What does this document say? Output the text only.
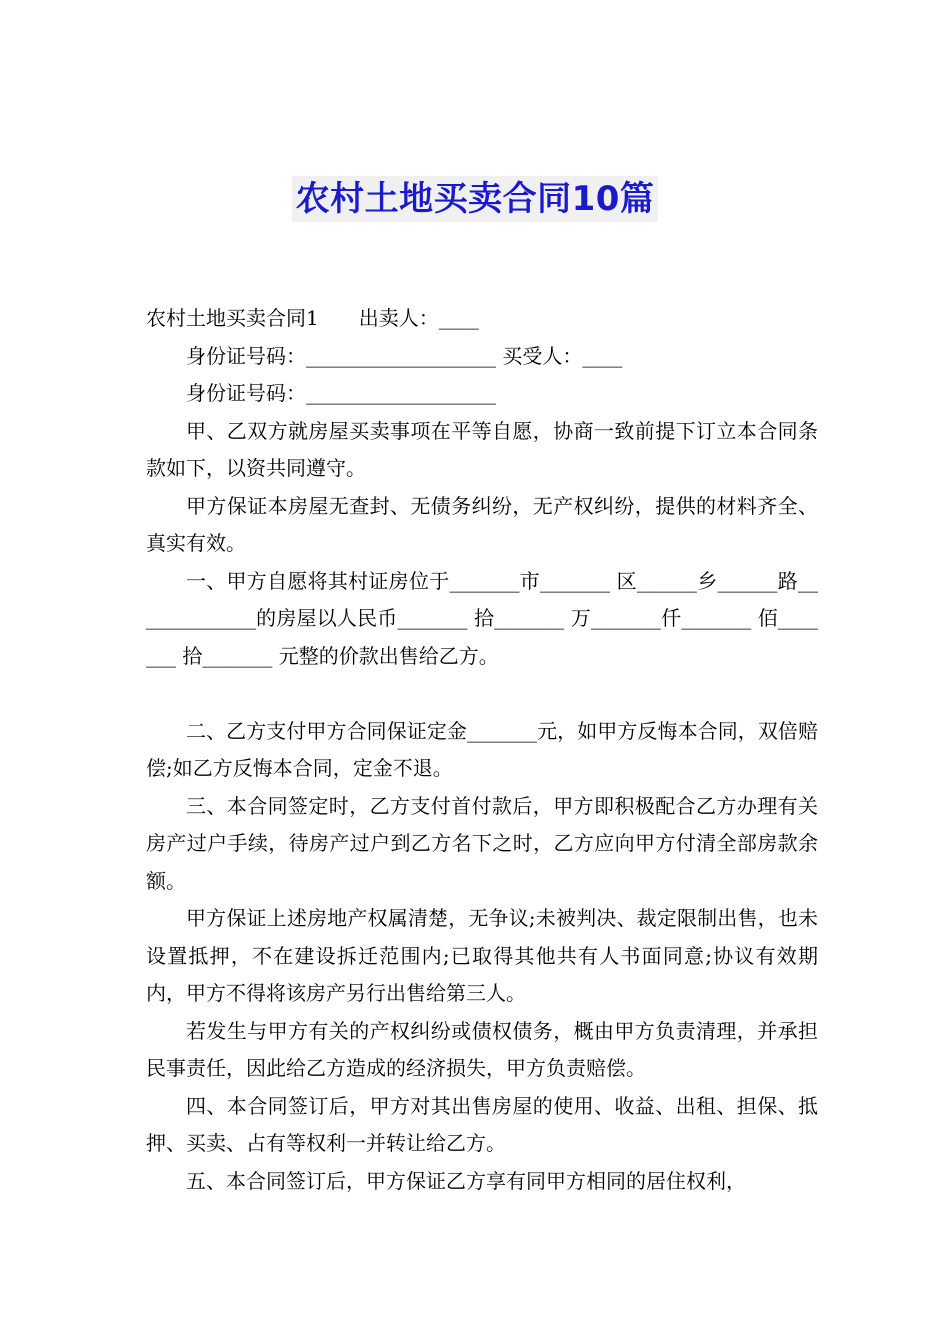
农村土地买卖合同10篇

农村土地买卖合同1 出卖人：____

身份证号码：___________________ 买受人：____

身份证号码：___________________

甲、乙双方就房屋买卖事项在平等自愿，协商一致前提下订立本合同条款如下，以资共同遵守。

甲方保证本房屋无查封、无债务纠纷，无产权纠纷，提供的材料齐全、真实有效。

一、甲方自愿将其村证房位于_______市_______ 区______乡______路_____________的房屋以人民币_______ 拾_______ 万_______仟_______ 佰_______ 拾_______ 元整的价款出售给乙方。

二、乙方支付甲方合同保证定金_______元，如甲方反悔本合同，双倍赔偿;如乙方反悔本合同，定金不退。

三、本合同签定时，乙方支付首付款后，甲方即积极配合乙方办理有关房产过户手续，待房产过户到乙方名下之时，乙方应向甲方付清全部房款余额。

甲方保证上述房地产权属清楚，无争议;未被判决、裁定限制出售，也未设置抵押，不在建设拆迁范围内;已取得其他共有人书面同意;协议有效期内，甲方不得将该房产另行出售给第三人。

若发生与甲方有关的产权纠纷或债权债务，概由甲方负责清理，并承担民事责任，因此给乙方造成的经济损失，甲方负责赔偿。

四、本合同签订后，甲方对其出售房屋的使用、收益、出租、担保、抵押、买卖、占有等权利一并转让给乙方。

五、本合同签订后，甲方保证乙方享有同甲方相同的居住权利，
